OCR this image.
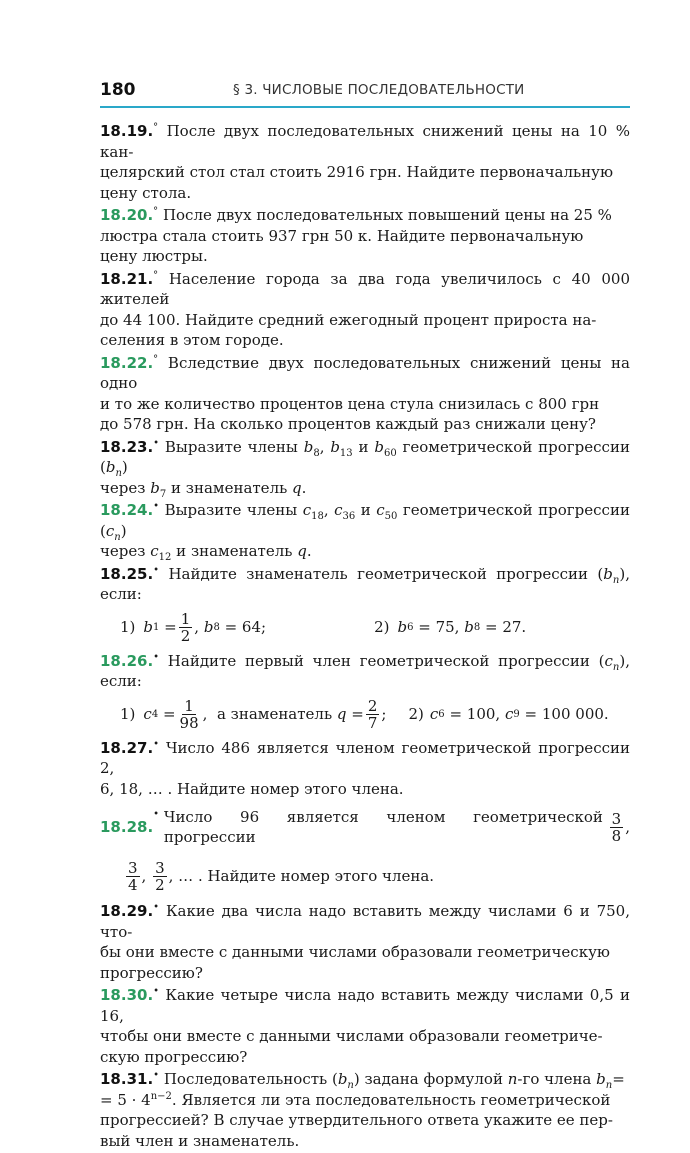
180	§ 3. ЧИСЛОВЫЕ ПОСЛЕДОВАТЕЛЬНОСТИ
18.19.° После двух последовательных снижений цены на 10 % кан-
целярский стол стал стоить 2916 грн. Найдите первоначальную
цену стола.
18.20.° После двух последовательных повышений цены на 25 %
люстра стала стоить 937 грн 50 к. Найдите первоначальную
цену люстры.
18.21.° Население города за два года увеличилось с 40 000 жителей
до 44 100. Найдите средний ежегодный процент прироста на-
селения в этом городе.
18.22.° Вследствие двух последовательных снижений цены на одно
и то же количество процентов цена стула снизилась с 800 грн
до 578 грн. На сколько процентов каждый раз снижали цену?
18.23.• Выразите члены $b_8$, $b_{13}$ и $b_{60}$ геометрической прогрессии $(b_n)$
через $b_7$ и знаменатель q.
18.24.• Выразите члены $c_{18}$, $c_{36}$ и $c_{50}$ геометрической прогрессии $(c_n)$
через $c_{12}$ и знаменатель q.
18.25.• Найдите знаменатель геометрической прогрессии $(b_n)$, если:
1) b $1 = \frac{1}{2}$ , b 8
= 64;	2) b 6
= 75,
b 8
= 27.
18.26.• Найдите первый член геометрической прогрессии $(c_n)$, если:
1) c $4 = \frac{1}{98}$ , а знаменатель
$q = \frac{2}{7}$ ; 2) c 6
= 100,
c 9
= 100 000.
18.27.• Число 486 является членом геометрической прогрессии 2,
6, 18, … . Найдите номер этого члена.
18.28.
•
Число 96 является членом геометрической прогрессии
	$\frac{3}{8}$ ,
$\frac{3}{4}$ , $\frac{3}{2}$ , … . Найдите номер этого члена.
18.29.• Какие два числа надо вставить между числами 6 и 750, что-
бы они вместе с данными числами образовали геометрическую
прогрессию?
18.30.• Какие четыре числа надо вставить между числами 0,5 и 16,
чтобы они вместе с данными числами образовали геометриче-
скую прогрессию?
18.31.• Последовательность $(b_n)$ задана формулой n-го члена $b_n=$
= $5 \cdot 4^{n-2}$. Является ли эта последовательность геометрической
прогрессией? В случае утвердительного ответа укажите ее пер-
вый член и знаменатель.
